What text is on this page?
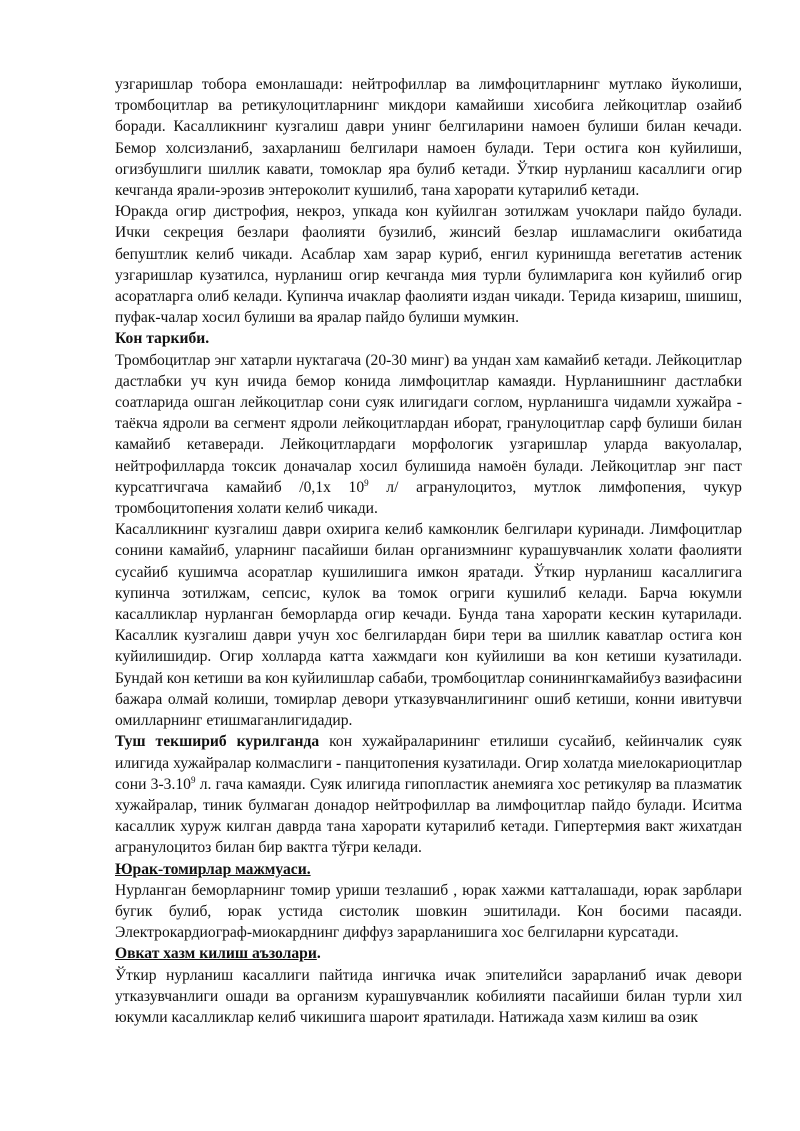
узгаришлар тобора емонлашади: нейтрофиллар ва лимфоцитларнинг мутлако йуколиши, тромбоцитлар ва ретикулоцитларнинг микдори камайиши хисобига лейкоцитлар озайиб боради. Касалликнинг кузгалиш даври унинг белгиларини намоен булиши билан кечади. Бемор холсизланиб, захарланиш белгилари намоен булади. Тери остига кон куйилиши, огизбушлиги шиллик кавати, томоклар яра булиб кетади. Ўткир нурланиш касаллиги огир кечганда ярали-эрозив энтероколит кушилиб, тана харорати кутарилиб кетади.

Юракда огир дистрофия, некроз, упкада кон куйилган зотилжам учоклари пайдо булади. Ички секреция безлари фаолияти бузилиб, жинсий безлар ишламаслиги окибатида бепуштлик келиб чикади. Асаблар хам зарар куриб, енгил куринишда вегетатив астеник узгаришлар кузатилса, нурланиш огир кечганда мия турли булимларига кон куйилиб огир асоратларга олиб келади. Купинча ичаклар фаолияти издан чикади. Терида кизариш, шишиш, пуфак-чалар хосил булиши ва яралар пайдо булиши мумкин.

Кон таркиби.

Тромбоцитлар энг хатарли нуктагача (20-30 минг) ва ундан хам камайиб кетади. Лейкоцитлар дастлабки уч кун ичида бемор конида лимфоцитлар камаяди. Нурланишнинг дастлабки соатларида ошган лейкоцитлар сони суяк илигидаги соглом, нурланишга чидамли хужайра - таёкча ядроли ва сегмент ядроли лейкоцитлардан иборат, гранулоцитлар сарф булиши билан камайиб кетаверади. Лейкоцитлардаги морфологик узгаришлар уларда вакуолалар, нейтрофилларда токсик доначалар хосил булишида намоён булади. Лейкоцитлар энг паст курсатгичгача камайиб /0,1х $10^9$ л/ агранулоцитоз, мутлок лимфопения, чукур тромбоцитопения холати келиб чикади.

Касалликнинг кузгалиш даври охирига келиб камконлик белгилари куринади. Лимфоцитлар сонини камайиб, уларнинг пасайиши билан организмнинг курашувчанлик холати фаолияти сусайиб кушимча асоратлар кушилишига имкон яратади. Ўткир нурланиш касаллигига купинча зотилжам, сепсис, кулок ва томок огриги кушилиб келади. Барча юкумли касалликлар нурланган беморларда огир кечади. Бунда тана харорати кескин кутарилади. Касаллик кузгалиш даври учун хос белгилардан бири тери ва шиллик каватлар остига кон куйилишидир. Огир холларда катта хажмдаги кон куйилиши ва кон кетиши кузатилади. Бундай кон кетиши ва кон куйилишлар сабаби, тромбоцитлар сонинингкамайибуз вазифасини бажара олмай колиши, томирлар девори утказувчанлигининг ошиб кетиши, конни ивитувчи омилларнинг етишмаганлигидадир.

Туш текшириб курилганда кон хужайраларининг етилиши сусайиб, кейинчалик суяк илигида хужайралар колмаслиги - панцитопения кузатилади. Огир холатда миелокариоцитлар сони 3-3.10$^9$ л. гача камаяди. Суяк илигида гипопластик анемияга хос ретикуляр ва плазматик хужайралар, тиник булмаган донадор нейтрофиллар ва лимфоцитлар пайдо булади. Иситма касаллик хуруж килган даврда тана харорати кутарилиб кетади. Гипертермия вакт жихатдан агранулоцитоз билан бир вактга тўғри келади.

Юрак-томирлар мажмуаси.

Нурланган беморларнинг томир уриши тезлашиб , юрак хажми катталашади, юрак зарблари бугик булиб, юрак устида систолик шовкин эшитилади. Кон босими пасаяди. Электрокардиограф-миокарднинг диффуз зарарланишига хос белгиларни курсатади.

Овкат хазм килиш аъзолари.

Ўткир нурланиш касаллиги пайтида ингичка ичак эпителийси зарарланиб ичак девори утказувчанлиги ошади ва организм курашувчанлик кобилияти пасайиши билан турли хил юкумли касалликлар келиб чикишига шароит яратилади. Натижада хазм килиш ва озик
